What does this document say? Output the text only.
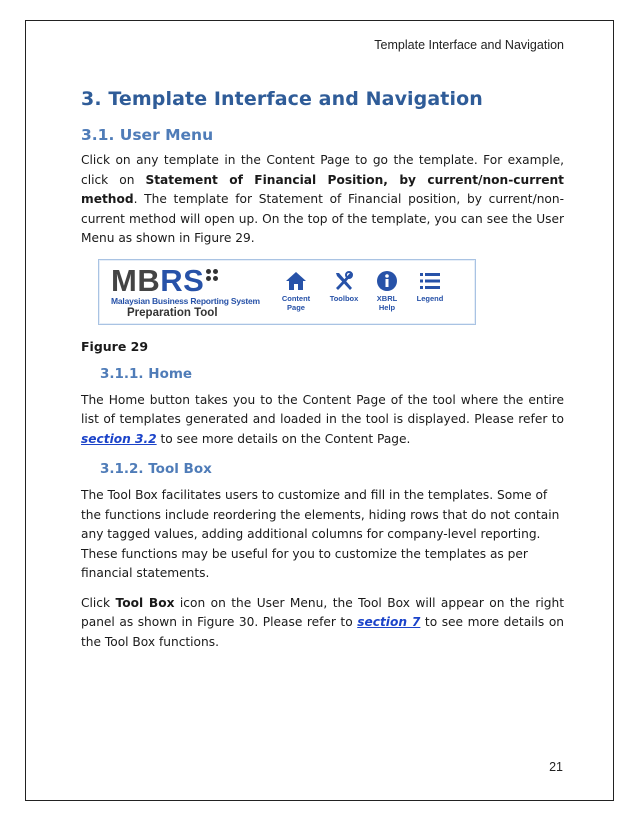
Template Interface and Navigation
3. Template Interface and Navigation
3.1. User Menu

Click on any template in the Content Page to go the template. For example, click on Statement of Financial Position, by current/non-current method. The template for Statement of Financial position, by current/non-current method will open up. On the top of the template, you can see the User Menu as shown in Figure 29.

MBRS
Malaysian Business Reporting System
Preparation Tool
Content
Page
Toolbox	XBRL
Help
Legend
Figure 29
3.1.1. Home

The Home button takes you to the Content Page of the tool where the entire list of templates generated and loaded in the tool is displayed. Please refer to section 3.2 to see more details on the Content Page.

3.1.2. Tool Box

The Tool Box facilitates users to customize and fill in the templates. Some of the functions include reordering the elements, hiding rows that do not contain any tagged values, adding additional columns for company-level reporting. These functions may be useful for you to customize the templates as per financial statements.

Click Tool Box icon on the User Menu, the Tool Box will appear on the right panel as shown in Figure 30. Please refer to section 7 to see more details on the Tool Box functions.

21
